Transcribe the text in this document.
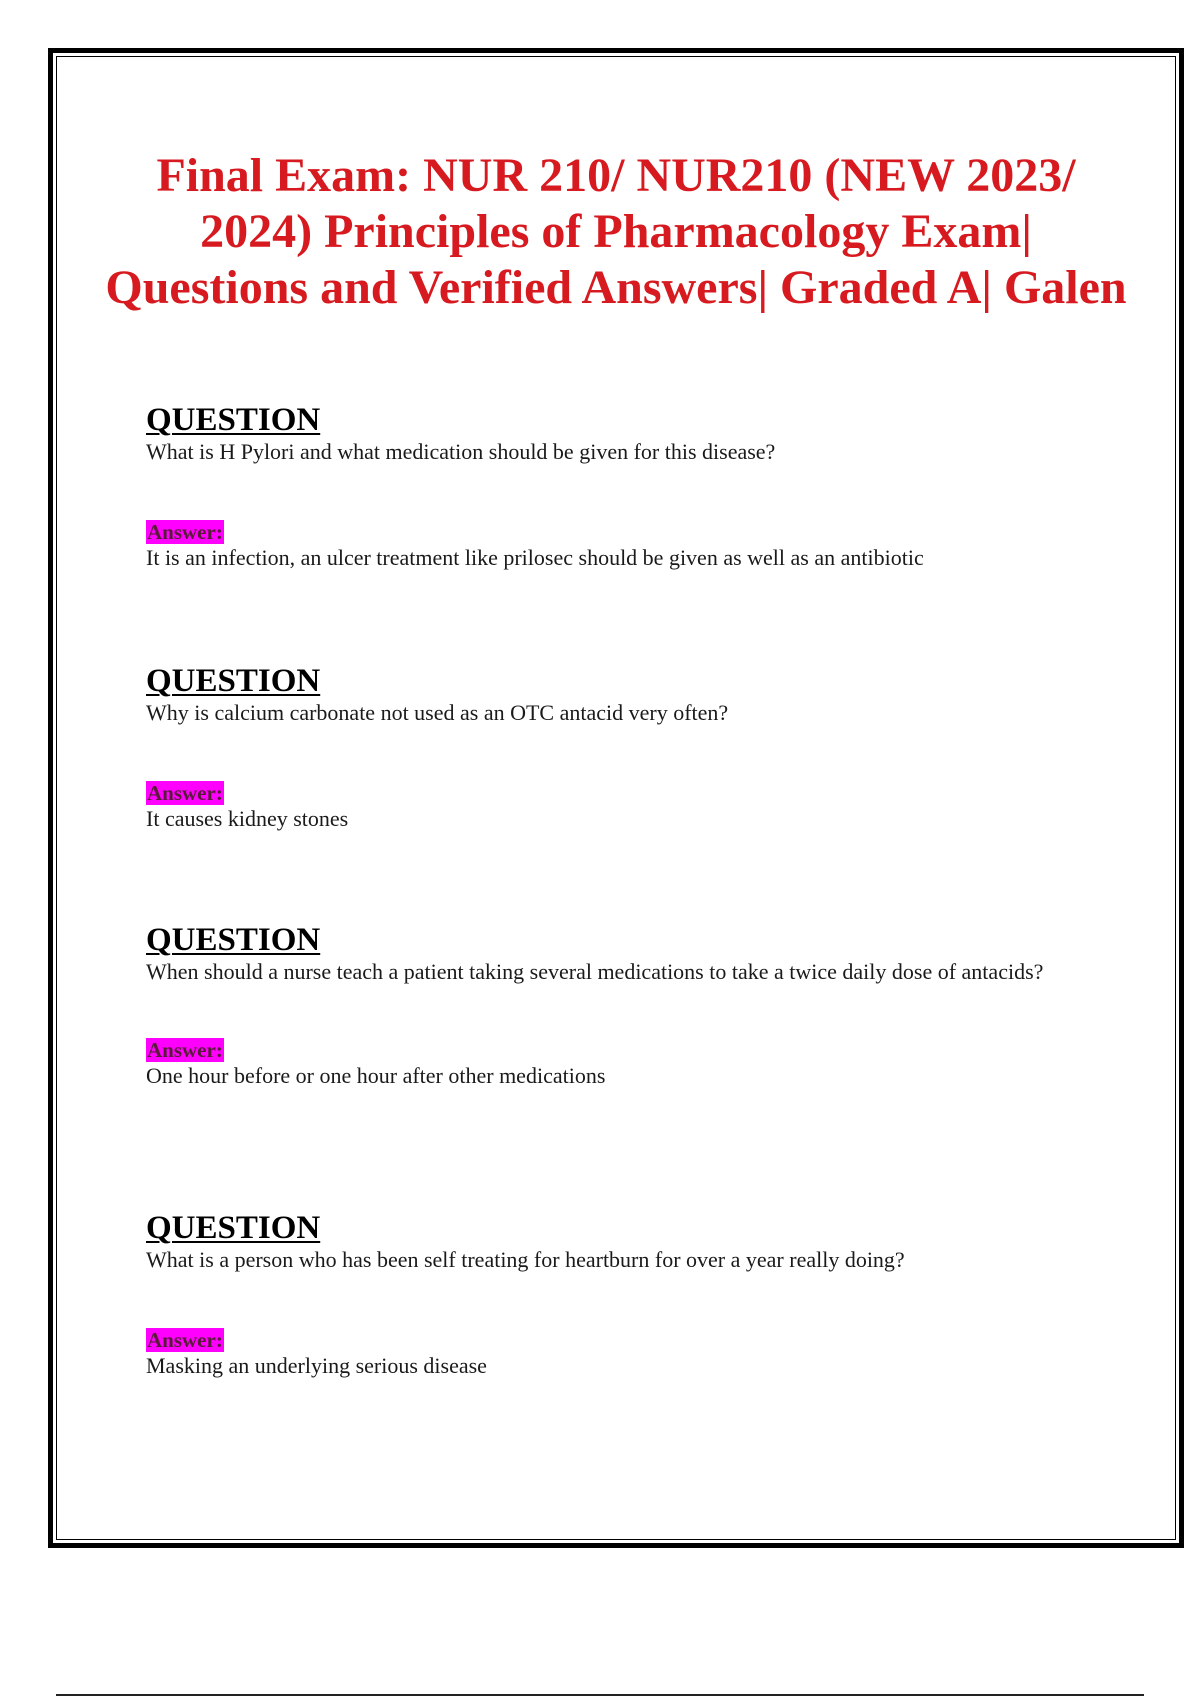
Final Exam: NUR 210/ NUR210 (NEW 2023/ 2024) Principles of Pharmacology Exam| Questions and Verified Answers| Graded A| Galen
QUESTION

What is H Pylori and what medication should be given for this disease?

Answer:

It is an infection, an ulcer treatment like prilosec should be given as well as an antibiotic

QUESTION

Why is calcium carbonate not used as an OTC antacid very often?

Answer:

It causes kidney stones

QUESTION

When should a nurse teach a patient taking several medications to take a twice daily dose of antacids?

Answer:

One hour before or one hour after other medications

QUESTION

What is a person who has been self treating for heartburn for over a year really doing?

Answer:

Masking an underlying serious disease
